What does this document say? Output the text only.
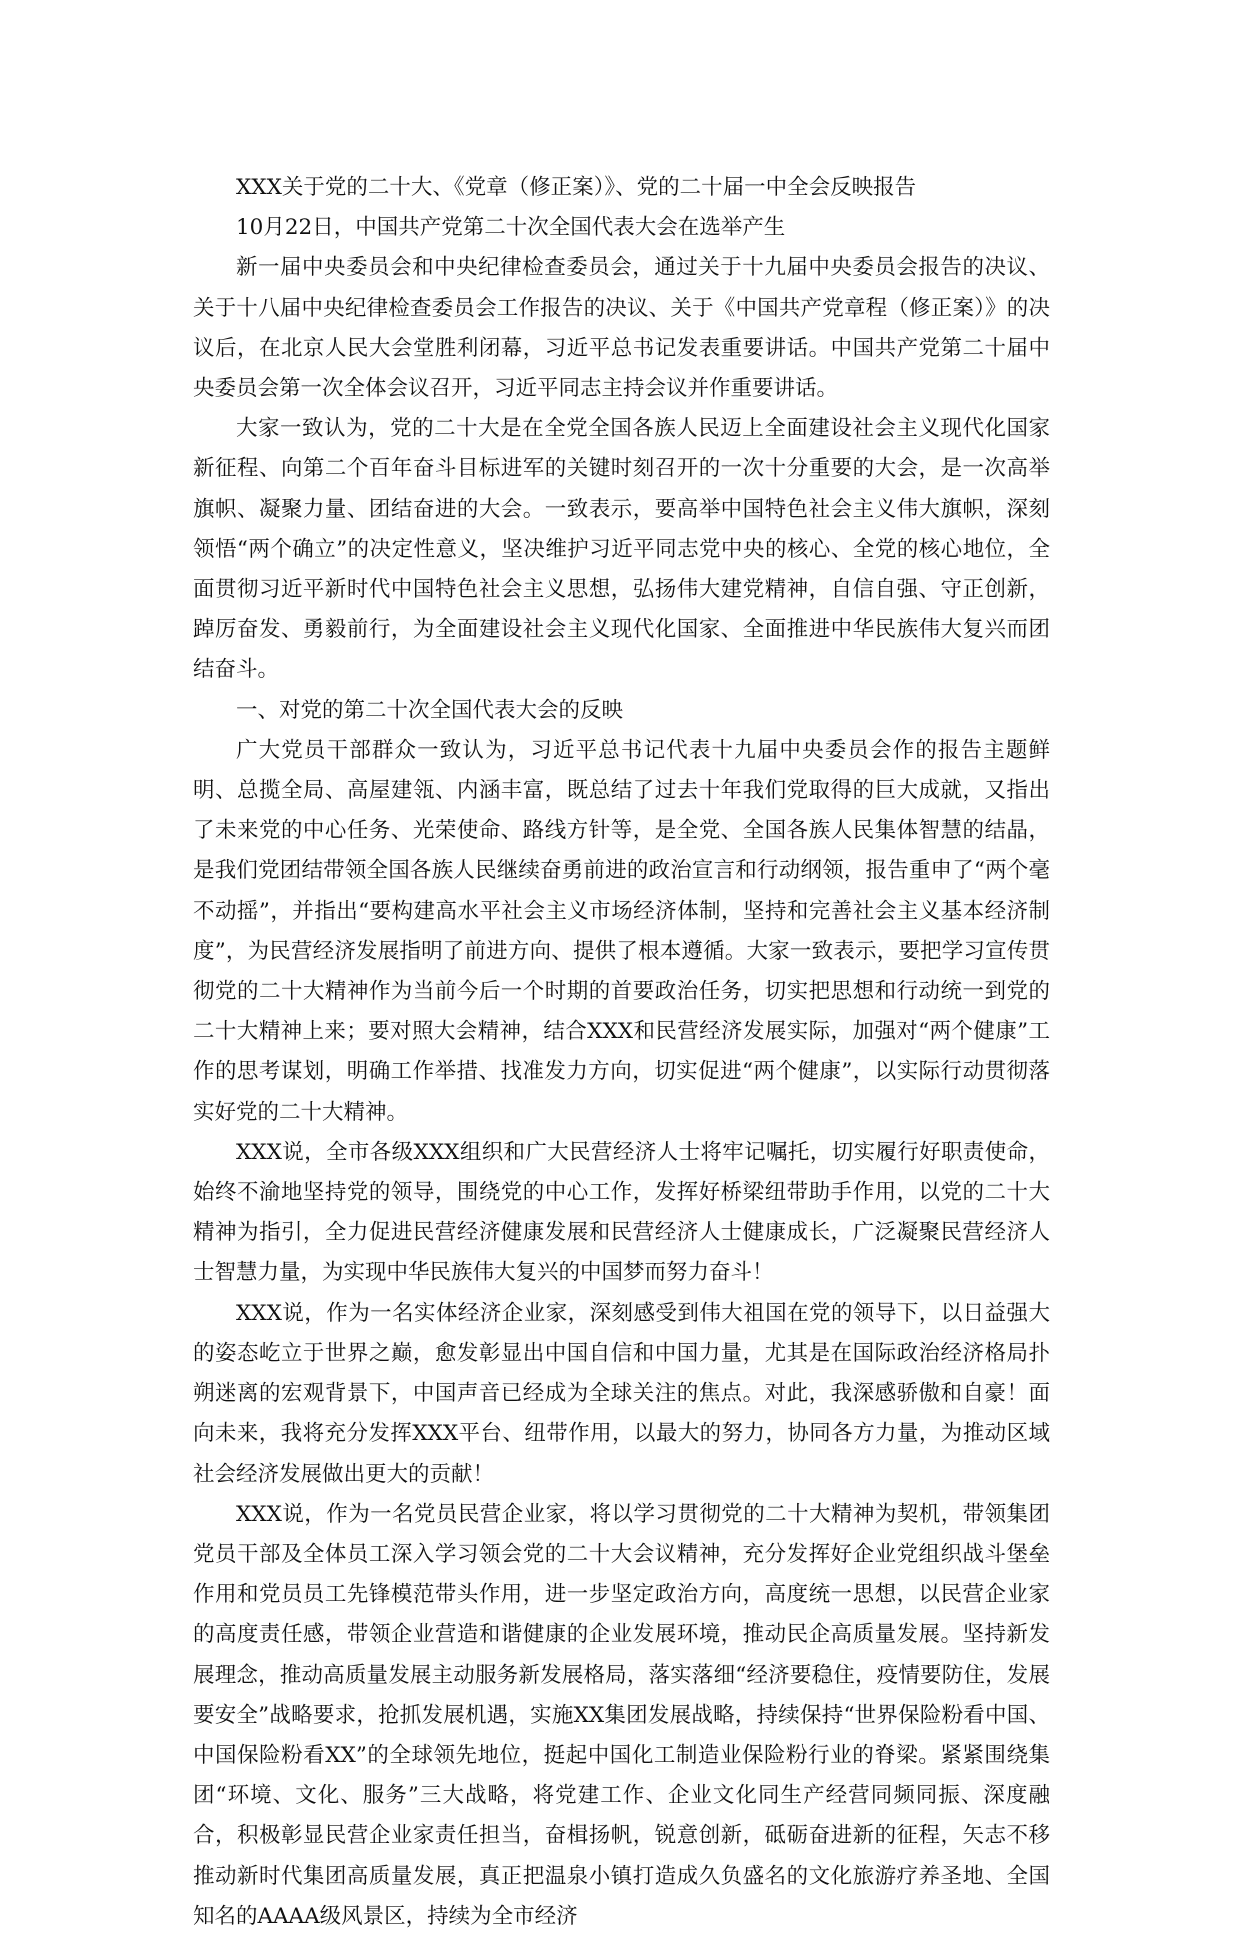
XXX关于党的二十大、《党章（修正案）》、党的二十届一中全会反映报告

10月22日，中国共产党第二十次全国代表大会在选举产生

新一届中央委员会和中央纪律检查委员会，通过关于十九届中央委员会报告的决议、关于十八届中央纪律检查委员会工作报告的决议、关于《中国共产党章程（修正案）》的决议后，在北京人民大会堂胜利闭幕，习近平总书记发表重要讲话。中国共产党第二十届中央委员会第一次全体会议召开，习近平同志主持会议并作重要讲话。

大家一致认为，党的二十大是在全党全国各族人民迈上全面建设社会主义现代化国家新征程、向第二个百年奋斗目标进军的关键时刻召开的一次十分重要的大会，是一次高举旗帜、凝聚力量、团结奋进的大会。一致表示，要高举中国特色社会主义伟大旗帜，深刻领悟“两个确立”的决定性意义，坚决维护习近平同志党中央的核心、全党的核心地位，全面贯彻习近平新时代中国特色社会主义思想，弘扬伟大建党精神，自信自强、守正创新，踔厉奋发、勇毅前行，为全面建设社会主义现代化国家、全面推进中华民族伟大复兴而团结奋斗。

一、对党的第二十次全国代表大会的反映

广大党员干部群众一致认为，习近平总书记代表十九届中央委员会作的报告主题鲜明、总揽全局、高屋建瓴、内涵丰富，既总结了过去十年我们党取得的巨大成就，又指出了未来党的中心任务、光荣使命、路线方针等，是全党、全国各族人民集体智慧的结晶，是我们党团结带领全国各族人民继续奋勇前进的政治宣言和行动纲领，报告重申了“两个毫不动摇”，并指出“要构建高水平社会主义市场经济体制，坚持和完善社会主义基本经济制度”，为民营经济发展指明了前进方向、提供了根本遵循。大家一致表示，要把学习宣传贯彻党的二十大精神作为当前今后一个时期的首要政治任务，切实把思想和行动统一到党的二十大精神上来；要对照大会精神，结合XXX和民营经济发展实际，加强对“两个健康”工作的思考谋划，明确工作举措、找准发力方向，切实促进“两个健康”，以实际行动贯彻落实好党的二十大精神。

XXX说，全市各级XXX组织和广大民营经济人士将牢记嘱托，切实履行好职责使命，始终不渝地坚持党的领导，围绕党的中心工作，发挥好桥梁纽带助手作用，以党的二十大精神为指引，全力促进民营经济健康发展和民营经济人士健康成长，广泛凝聚民营经济人士智慧力量，为实现中华民族伟大复兴的中国梦而努力奋斗！

XXX说，作为一名实体经济企业家，深刻感受到伟大祖国在党的领导下，以日益强大的姿态屹立于世界之巅，愈发彰显出中国自信和中国力量，尤其是在国际政治经济格局扑朔迷离的宏观背景下，中国声音已经成为全球关注的焦点。对此，我深感骄傲和自豪！面向未来，我将充分发挥XXX平台、纽带作用，以最大的努力，协同各方力量，为推动区域社会经济发展做出更大的贡献！

XXX说，作为一名党员民营企业家，将以学习贯彻党的二十大精神为契机，带领集团党员干部及全体员工深入学习领会党的二十大会议精神，充分发挥好企业党组织战斗堡垒作用和党员员工先锋模范带头作用，进一步坚定政治方向，高度统一思想，以民营企业家的高度责任感，带领企业营造和谐健康的企业发展环境，推动民企高质量发展。坚持新发展理念，推动高质量发展主动服务新发展格局，落实落细“经济要稳住，疫情要防住，发展要安全”战略要求，抢抓发展机遇，实施XX集团发展战略，持续保持“世界保险粉看中国、中国保险粉看XX”的全球领先地位，挺起中国化工制造业保险粉行业的脊梁。紧紧围绕集团“环境、文化、服务”三大战略，将党建工作、企业文化同生产经营同频同振、深度融合，积极彰显民营企业家责任担当，奋楫扬帆，锐意创新，砥砺奋进新的征程，矢志不移推动新时代集团高质量发展，真正把温泉小镇打造成久负盛名的文化旅游疗养圣地、全国知名的AAAA级风景区，持续为全市经济
